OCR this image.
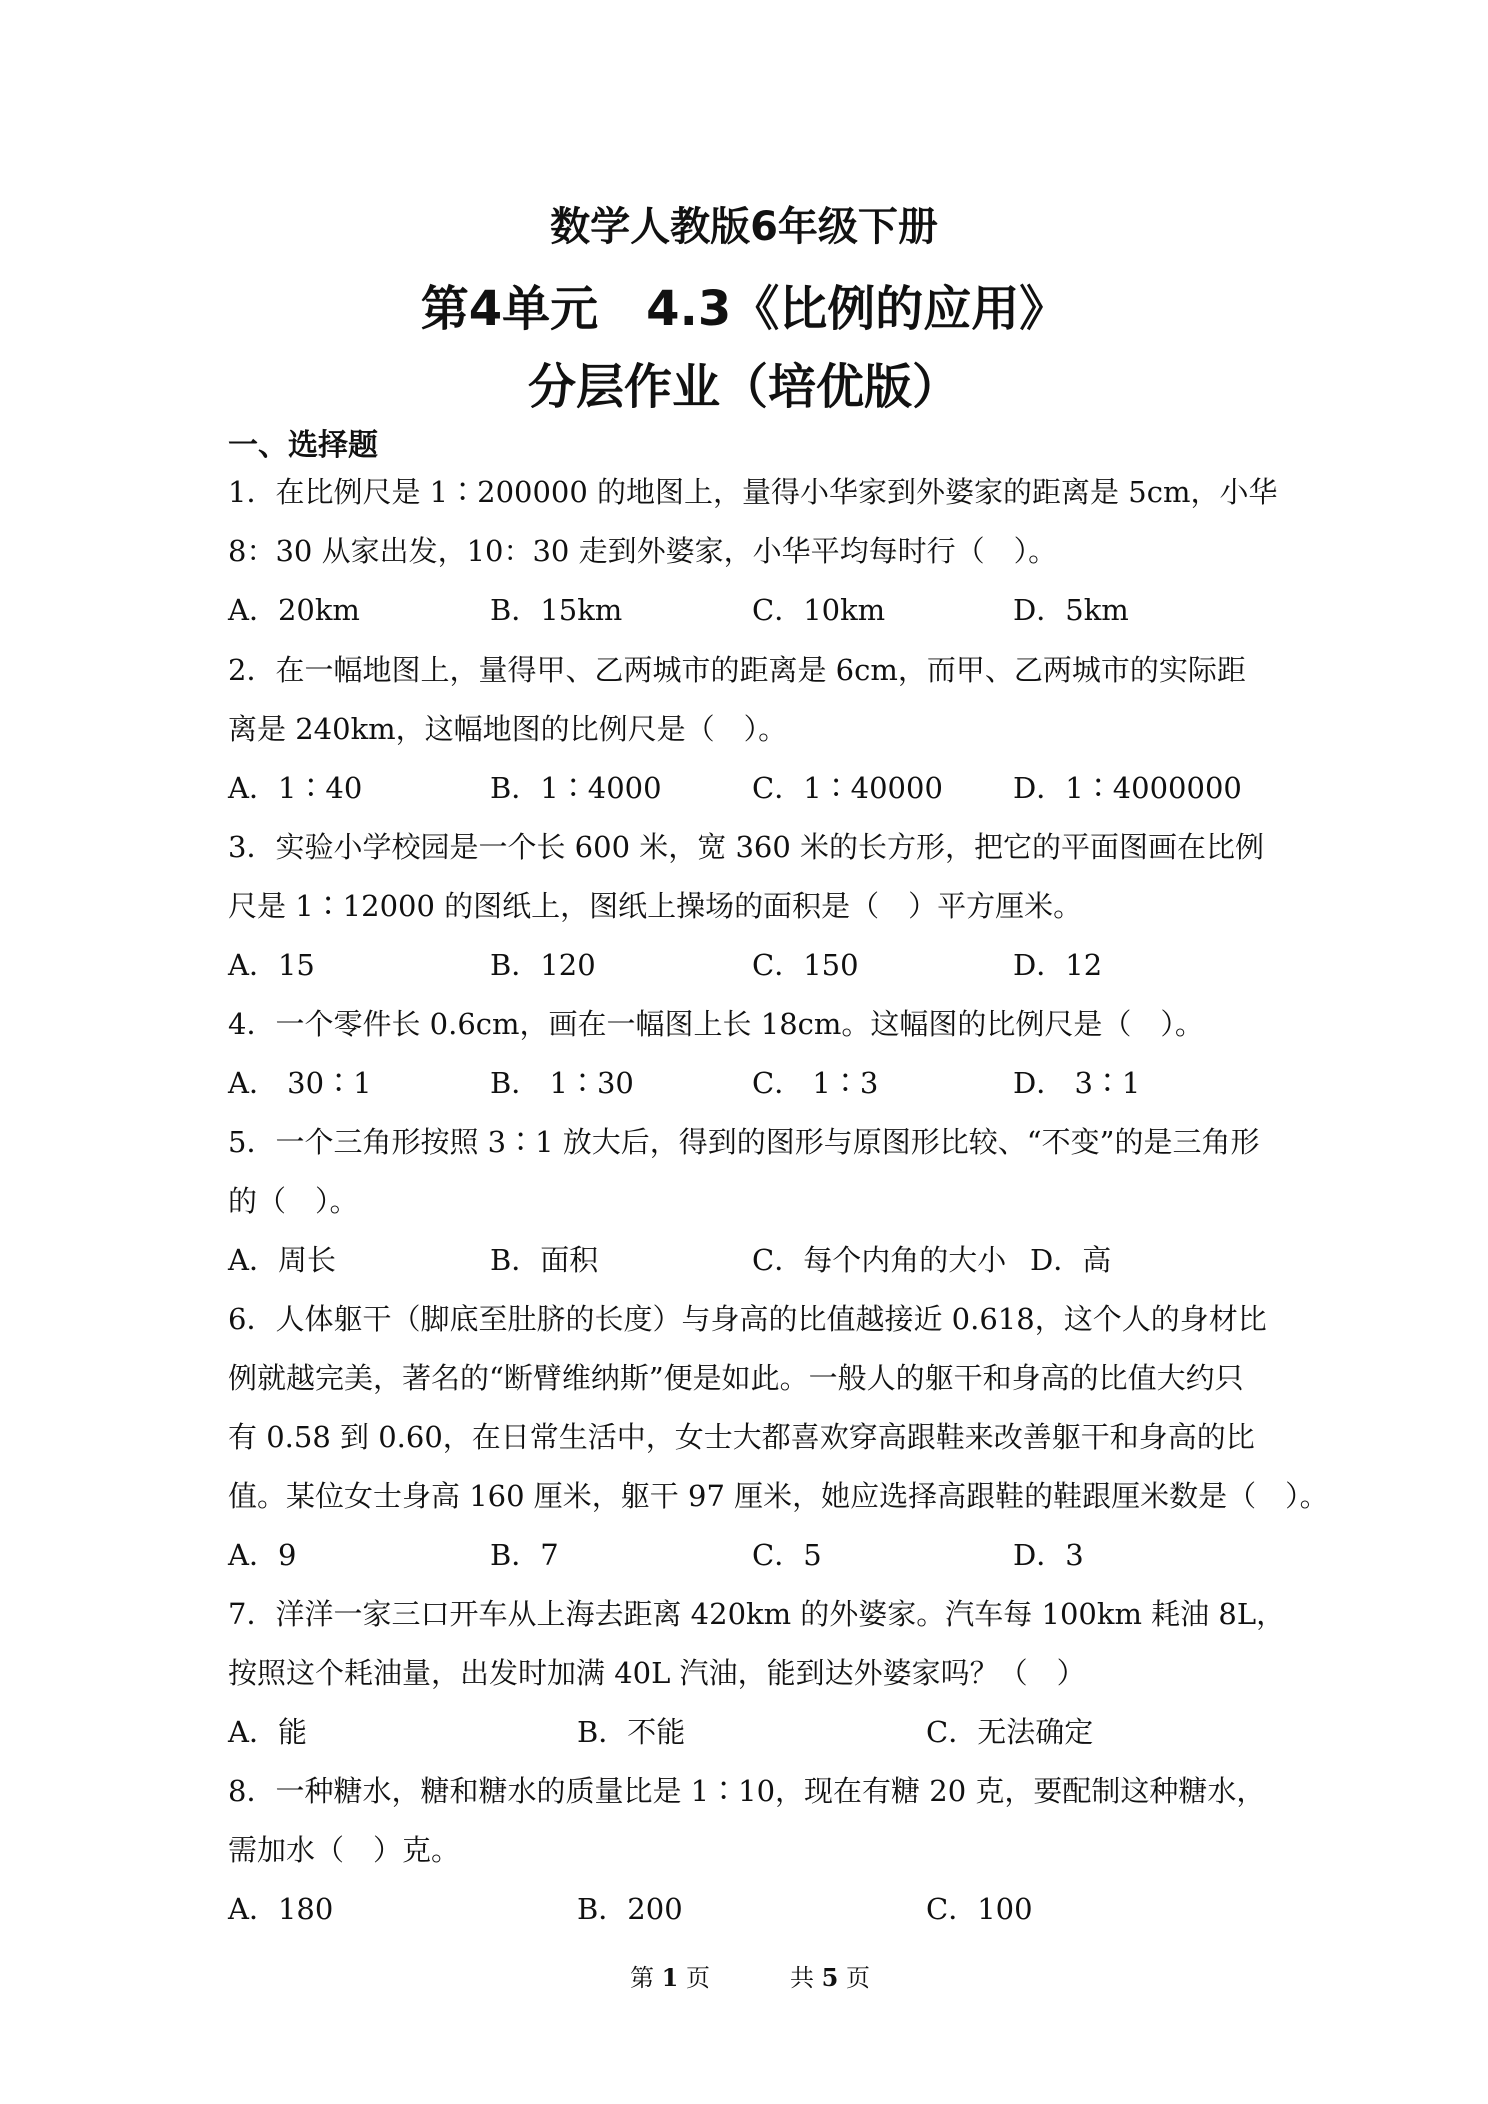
数学人教版6年级下册
第4单元　4.3《比例的应用》
分层作业（培优版）
一、选择题
1．在比例尺是 1∶200000 的地图上，量得小华家到外婆家的距离是 5cm，小华
8：30 从家出发，10：30 走到外婆家，小华平均每时行（　）。
A．20km	B．15km	C．10km	D．5km
2．在一幅地图上，量得甲、乙两城市的距离是 6cm，而甲、乙两城市的实际距
离是 240km，这幅地图的比例尺是（　）。
A．1∶40	B．1∶4000	C．1∶40000 D．1∶4000000
3．实验小学校园是一个长 600 米，宽 360 米的长方形，把它的平面图画在比例
尺是 1∶12000 的图纸上，图纸上操场的面积是（　）平方厘米。
A．15	B．120	C．150	D．12
4．一个零件长 0.6cm，画在一幅图上长 18cm。这幅图的比例尺是（　）。
A． 30∶1	B． 1∶30	C． 1∶3	D． 3∶1
5．一个三角形按照 3∶1 放大后，得到的图形与原图形比较、“不变”的是三角形
的（　）。
A．周长	B．面积	C．每个内角的大小 D．高
6．人体躯干（脚底至肚脐的长度）与身高的比值越接近 0.618，这个人的身材比
例就越完美，著名的“断臂维纳斯”便是如此。一般人的躯干和身高的比值大约只
有 0.58 到 0.60，在日常生活中，女士大都喜欢穿高跟鞋来改善躯干和身高的比
值。某位女士身高 160 厘米，躯干 97 厘米，她应选择高跟鞋的鞋跟厘米数是（　）。
A．9	B．7	C．5	D．3
7．洋洋一家三口开车从上海去距离 420km 的外婆家。汽车每 100km 耗油 8L，
按照这个耗油量，出发时加满 40L 汽油，能到达外婆家吗？（　）
A．能	B．不能	C．无法确定
8．一种糖水，糖和糖水的质量比是 1∶10，现在有糖 20 克，要配制这种糖水，
需加水（　）克。
A．180	B．200	C．100
第 1 页	共 5 页
